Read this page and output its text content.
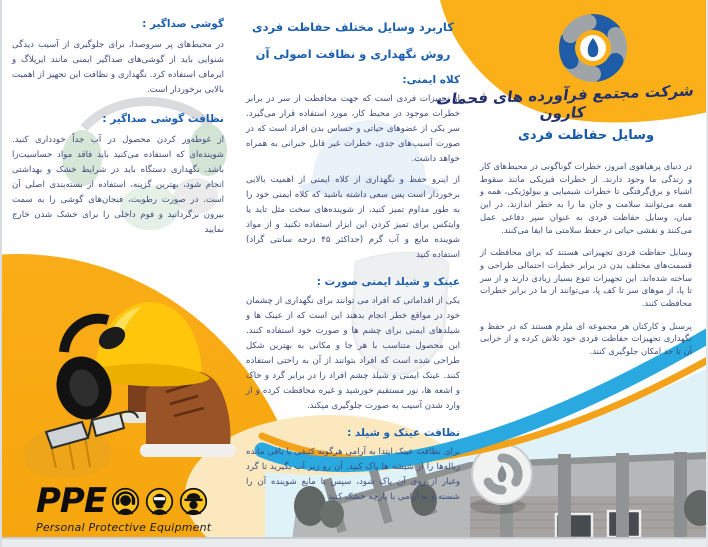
گوشی صداگیر :

در محیط‌های پر سروصدا، برای جلوگیری از آسیب دیدگی شنوایی باید از گوشی‌های صداگیر ایمنی مانند ایرپلاگ و ایرماف استفاده کرد. نگهداری و نظافت این تجهیز از اهمیت بالایی برخوردار است.

نظافت گوشی صداگیر :

از غوطه‌ور کردن محصول در آب جداً خودداری کنید. شوینده‌ای که استفاده می‌کنید باید فاقد مواد حساسیت‌زا باشد. نگهداری دستگاه باید در شرایط خشک و بهداشتی انجام شود، بهترین گزینه، استفاده از بسته‌بندی اصلی آن است. در صورت رطوبت، فنجان‌های گوشی را به سمت بیرون برگردانید و فوم داخلی را برای خشک شدن خارج نمایید

کاربرد وسایل مختلف حفاظت فردی
روش نگهداری و نظافت اصولی آن
کلاه ایمنی:

از تجهیزات فردی است که جهت محافظت از سر در برابر خطرات موجود در محیط کار، مورد استفاده قرار می‌گیرد. سر یکی از عضوهای حیاتی و حساس بدن افراد است که در صورت آسیب‌های جدی، خطرات غیر قابل جبرانی به همراه خواهد داشت.

از اینرو حفظ و نگهداری از کلاه ایمنی از اهمیت بالایی برخوردار است پس سعی داشته باشید که کلاه ایمنی خود را به طور مداوم تمیز کنید، از شوینده‌های سخت مثل تاید یا وایتکس برای تمیز کردن این ابزار استفاده نکنید و از مواد شوینده مایع و آب گرم (حداکثر ۴۵ درجه سانتی گراد) استفاده کنید

عینک و شیلد ایمنی صورت :

یکی از اقداماتی که افراد می توانند برای نگهداری از چشمان خود در مواقع خطر انجام بدهند این است که از عینک ها و شیلدهای ایمنی برای چشم ها و صورت خود استفاده کنند. این محصول متناسب با هر جا و مکانی به بهترین شکل طراحی شده است که افراد بتوانند از آن به راحتی استفاده کنند. عینک ایمنی و شیلد چشم افراد را در برابر گرد و خاک و اشعه ها، نور مستقیم خورشید و غیره محافظت کرده و از وارد شدن آسیب به صورت جلوگیری میکند.

نظافت عینک و شیلد :

برای نظافت عینک ابتدا به آرامی هرگونه کثیفی یا باقی مانده زباله‌ها را از شیشه ها پاک کنید. آن رو زیر آب بگیرید تا گرد وغبار از روی آن پاک شود، سپس با مایع شوینده آن را شسته و به آرامی با پارچه خشک کنید

شرکت مجتمع فرآورده های فحمات کارون
وسایل حفاظت فردی

در دنیای پرهیاهوی امروز، خطرات گوناگونی در محیط‌های کار و زندگی ما وجود دارند. از خطرات فیزیکی مانند سقوط اشیاء و برق‌گرفتگی تا خطرات شیمیایی و بیولوژیکی، همه و همه می‌توانند سلامت و جان ما را به خطر اندازند. در این میان، وسایل حفاظت فردی به عنوان سپر دفاعی عمل می‌کنند و نقشی حیاتی در حفظ سلامتی ما ایفا می‌کنند.

وسایل حفاظت فردی تجهیزاتی هستند که برای محافظت از قسمت‌های مختلف بدن در برابر خطرات احتمالی طراحی و ساخته شده‌اند. این تجهیزات تنوع بسیار زیادی دارند و از سر تا پا، از موهای سر تا کف پا، می‌توانند از ما در برابر خطرات محافظت کنند.

پرسنل و کارکنان هر مجموعه ای ملزم هستند که در حفظ و نگهداری تجهیزات حفاظت فردی خود تلاش کرده و از خرابی آن تا حد امکان جلوگیری کنند.

PPE
Personal Protective Equipment
